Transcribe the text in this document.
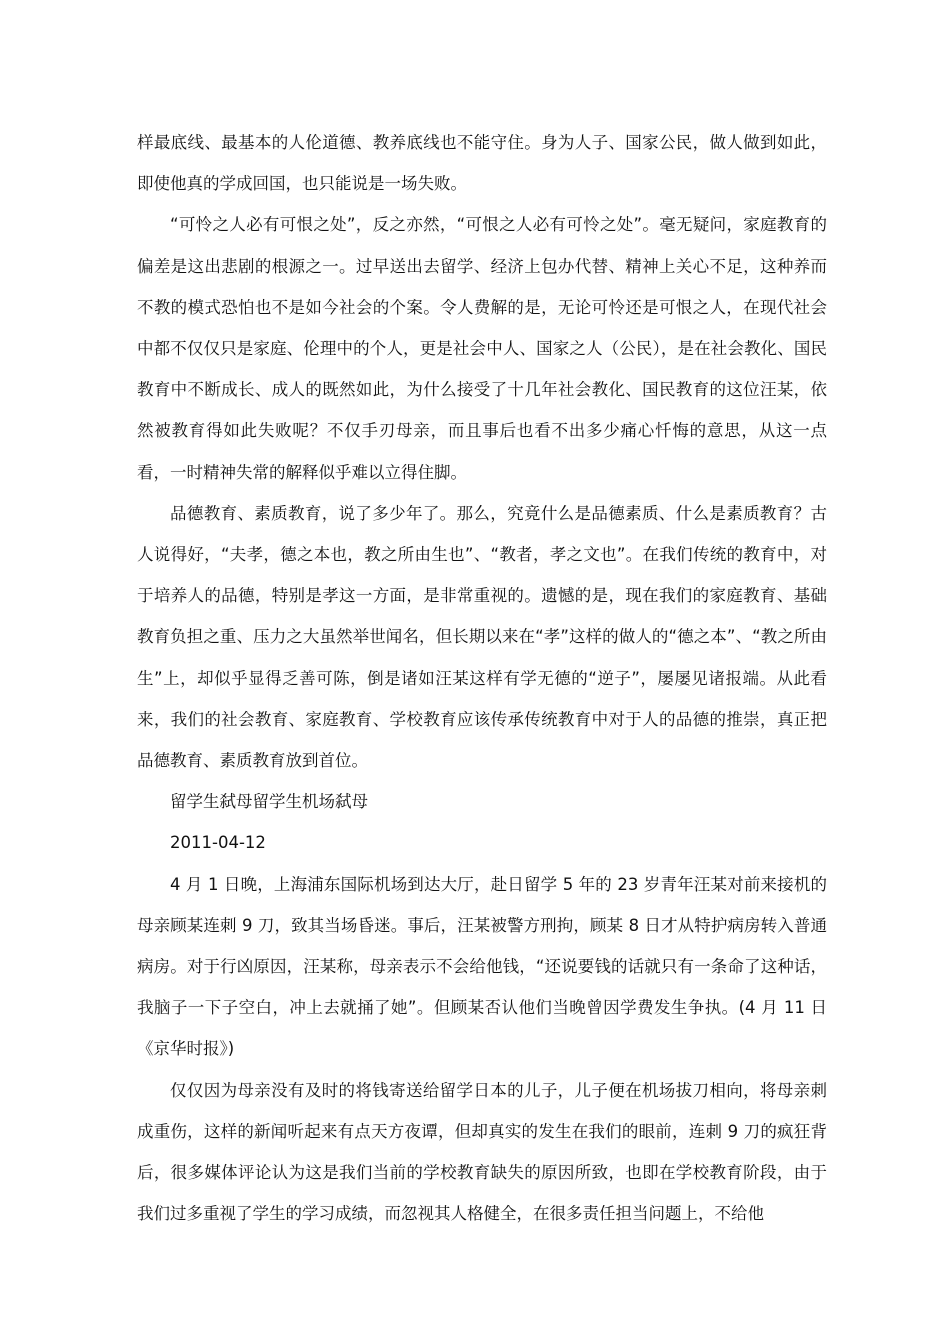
样最底线、最基本的人伦道德、教养底线也不能守住。身为人子、国家公民，做人做到如此，即使他真的学成回国，也只能说是一场失败。

“可怜之人必有可恨之处”，反之亦然，“可恨之人必有可怜之处”。毫无疑问，家庭教育的偏差是这出悲剧的根源之一。过早送出去留学、经济上包办代替、精神上关心不足，这种养而不教的模式恐怕也不是如今社会的个案。令人费解的是，无论可怜还是可恨之人，在现代社会中都不仅仅只是家庭、伦理中的个人，更是社会中人、国家之人（公民），是在社会教化、国民教育中不断成长、成人的既然如此，为什么接受了十几年社会教化、国民教育的这位汪某，依然被教育得如此失败呢？不仅手刃母亲，而且事后也看不出多少痛心忏悔的意思，从这一点看，一时精神失常的解释似乎难以立得住脚。

品德教育、素质教育，说了多少年了。那么，究竟什么是品德素质、什么是素质教育？古人说得好，“夫孝，德之本也，教之所由生也”、“教者，孝之文也”。在我们传统的教育中，对于培养人的品德，特别是孝这一方面，是非常重视的。遗憾的是，现在我们的家庭教育、基础教育负担之重、压力之大虽然举世闻名，但长期以来在“孝”这样的做人的“德之本”、“教之所由生”上，却似乎显得乏善可陈，倒是诸如汪某这样有学无德的“逆子”，屡屡见诸报端。从此看来，我们的社会教育、家庭教育、学校教育应该传承传统教育中对于人的品德的推崇，真正把品德教育、素质教育放到首位。

留学生弑母留学生机场弑母

2011-04-12

4 月 1 日晚，上海浦东国际机场到达大厅，赴日留学 5 年的 23 岁青年汪某对前来接机的母亲顾某连刺 9 刀，致其当场昏迷。事后，汪某被警方刑拘，顾某 8 日才从特护病房转入普通病房。对于行凶原因，汪某称，母亲表示不会给他钱，“还说要钱的话就只有一条命了这种话，我脑子一下子空白，冲上去就捅了她”。但顾某否认他们当晚曾因学费发生争执。(4 月 11 日《京华时报》)

仅仅因为母亲没有及时的将钱寄送给留学日本的儿子，儿子便在机场拔刀相向，将母亲刺成重伤，这样的新闻听起来有点天方夜谭，但却真实的发生在我们的眼前，连刺 9 刀的疯狂背后，很多媒体评论认为这是我们当前的学校教育缺失的原因所致，也即在学校教育阶段，由于我们过多重视了学生的学习成绩，而忽视其人格健全，在很多责任担当问题上，不给他
